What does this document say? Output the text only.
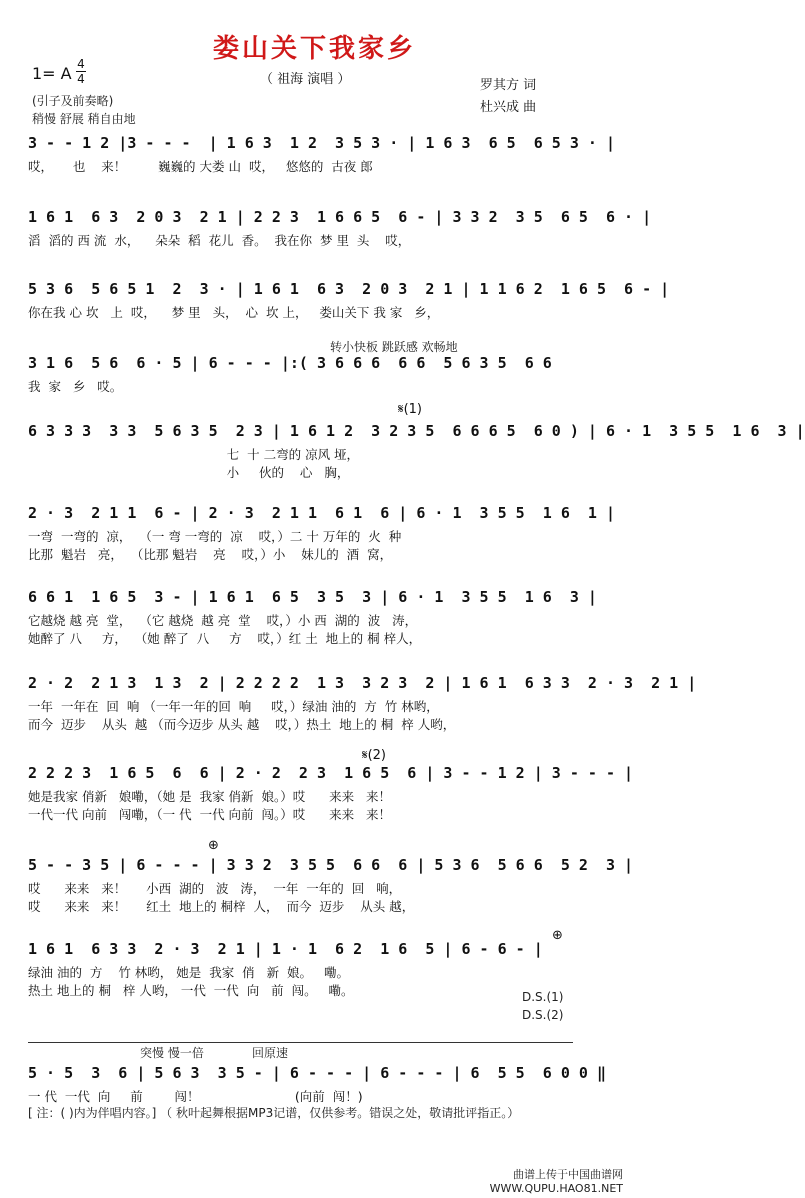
娄山关下我家乡
1= A 4
4	（ 祖海 演唱 ）	罗其方 词
杜兴成 曲
(引子及前奏略)
稍慢 舒展 稍自由地
转小快板 跳跃感 欢畅地
𝄋(1)
𝄋(2)
⊕
⊕
D.S.(1)
D.S.(2)
突慢 慢一倍	回原速
3 - - 1 2 |3 - - -  | 1 6 3  1 2  3 5 3 · | 1 6 3  6 5  6 5 3 · |
哎，     也    来！        巍巍的 大娄 山  哎，   悠悠的  古夜 郎
1 6 1  6 3  2 0 3  2 1 | 2 2 3  1 6 6 5  6 - | 3 3 2  3 5  6 5  6 · |
滔  滔的 西 流  水，    朵朵  稻  花儿  香。  我在你  梦 里  头    哎，
5 3 6  5 6 5 1  2  3 · | 1 6 1  6 3  2 0 3  2 1 | 1 1 6 2  1 6 5  6 - |
你在我 心 坎   上  哎，    梦 里   头，  心  坎 上，   娄山关下 我 家   乡，
3 1 6  5 6  6 · 5 | 6 - - - |:( 3 6 6 6  6 6  5 6 3 5  6 6
我  家   乡   哎。
6 3 3 3  3 3  5 6 3 5  2 3 | 1 6 1 2  3 2 3 5  6 6 6 5  6 0 ) | 6 · 1  3 5 5  1 6  3 |
七  十 二弯的 凉风 垭，
小     伙的    心   胸，
2 · 3  2 1 1  6 - | 2 · 3  2 1 1  6 1  6 | 6 · 1  3 5 5  1 6  1 |
一弯  一弯的  凉，  （一 弯 一弯的  凉    哎，）二 十 万年的  火  种
比那  魁岩   亮，  （比那 魁岩    亮    哎，）小    妹儿的  酒  窝，
6 6 1  1 6 5  3 - | 1 6 1  6 5  3 5  3 | 6 · 1  3 5 5  1 6  3 |
它越烧 越 亮  堂，  （它 越烧  越 亮  堂    哎，）小 西  湖的  波   涛，
她醉了 八     方，  （她 醉了  八     方    哎，）红 土  地上的 桐 梓人，
2 · 2  2 1 3  1 3  2 | 2 2 2 2  1 3  3 2 3  2 | 1 6 1  6 3 3  2 · 3  2 1 |
一年  一年在  回  响 （一年一年的回  响     哎，）绿油 油的  方  竹 林哟，
而今  迈步    从头  越 （而今迈步 从头 越    哎，）热土  地上的 桐  梓 人哟，
2 2 2 3  1 6 5  6  6 | 2 · 2  2 3  1 6 5  6 | 3 - - 1 2 | 3 - - - |
她是我家 俏新   娘嘞，（她 是  我家 俏新  娘。）哎      来来   来！
一代一代 向前   闯嘞，（一 代  一代 向前  闯。）哎      来来   来！
5 - - 3 5 | 6 - - - | 3 3 2  3 5 5  6 6  6 | 5 3 6  5 6 6  5 2  3 |
哎      来来   来！     小西  湖的   波   涛，  一年  一年的  回   响，
哎      来来   来！     红土  地上的 桐梓  人，  而今  迈步    从头 越，
1 6 1  6 3 3  2 · 3  2 1 | 1 · 1  6 2  1 6  5 | 6 - 6 - |
绿油 油的  方    竹 林哟， 她是  我家  俏   新  娘。   嘞。
热土 地上的 桐   梓 人哟， 一代  一代  向   前  闯。   嘞。
5 · 5  3  6 | 5 6 3  3 5 - | 6 - - - | 6 - - - | 6  5 5  6 0 0 ‖
一 代  一代  向     前        闯！                        (向前  闯！)
[ 注：( )内为伴唱内容。] （ 秋叶起舞根据MP3记谱，仅供参考。错误之处，敬请批评指正。）
曲谱上传于中国曲谱网
WWW.QUPU.HAO81.NET
